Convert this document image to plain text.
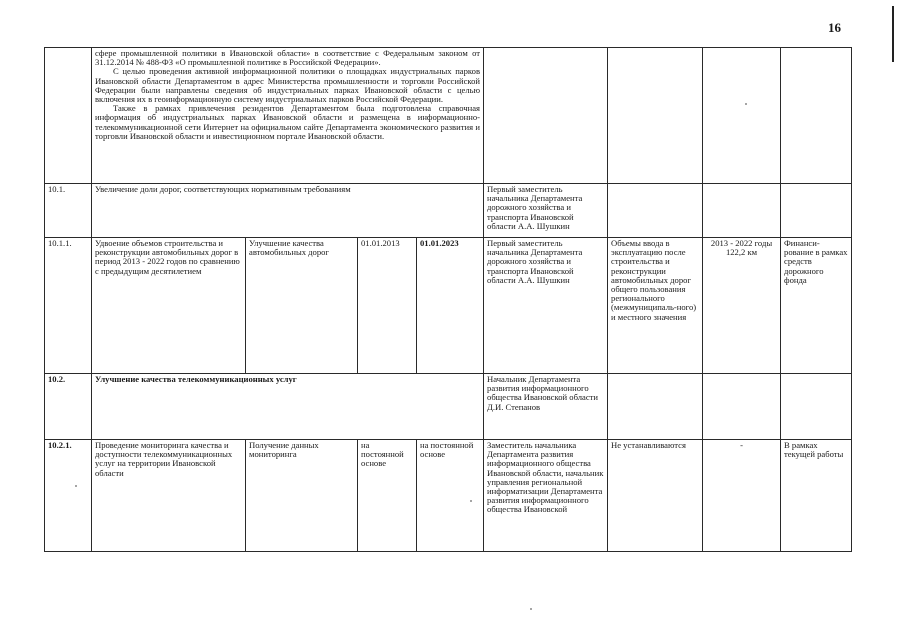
16

	сфере промышленной политики в Ивановской области» в соответствие с Федеральным законом от 31.12.2014 № 488-ФЗ «О промышленной политике в Российской Федерации».

С целью проведения активной информационной политики о площадках индустриальных парков Ивановской области Департаментом в адрес Министерства промышленности и торговли Российской Федерации были направлены сведения об индустриальных парках Ивановской области с целью включения их в геоинформационную систему индустриальных парков Российской Федерации.

Также в рамках привлечения резидентов Департаментом была подготовлена справочная информация об индустриальных парках Ивановской области и размещена в информационно-телекоммуникационной сети Интернет на официальном сайте Департамента экономического развития и торговли Ивановской области и инвестиционном портале Ивановской области.							

10.1.	Увеличение доли дорог, соответствующих нормативным требованиям				Первый заместитель начальника Департамента дорожного хозяйства и транспорта Ивановской области А.А. Шушкин			
10.1.1.	Удвоение объемов строительства и реконструкции автомобильных дорог в период 2013 - 2022 годов по сравнению с предыдущим десятилетием	Улучшение качества автомобильных дорог	01.01.2013	01.01.2023	Первый заместитель начальника Департамента дорожного хозяйства и транспорта Ивановской области А.А. Шушкин	Объемы ввода в эксплуатацию после строительства и реконструкции автомобильных дорог общего пользования регионального (межмуниципаль-ного) и местного значения	2013 - 2022 годы 122,2 км	Финанси-рование в рамках средств дорожного фонда
10.2.	Улучшение качества телекоммуникационных услуг				Начальник Департамента развития информационного общества Ивановской области Д.И. Степанов			
10.2.1.	Проведение мониторинга качества и доступности телекоммуникационных услуг на территории Ивановской области	Получение данных мониторинга	на постоянной основе	на постоянной основе	Заместитель начальника Департамента развития информационного общества Ивановской области, начальник управления региональной информатизации Департамента развития информационного общества Ивановской	Не устанавливаются	-	В рамках текущей работы
